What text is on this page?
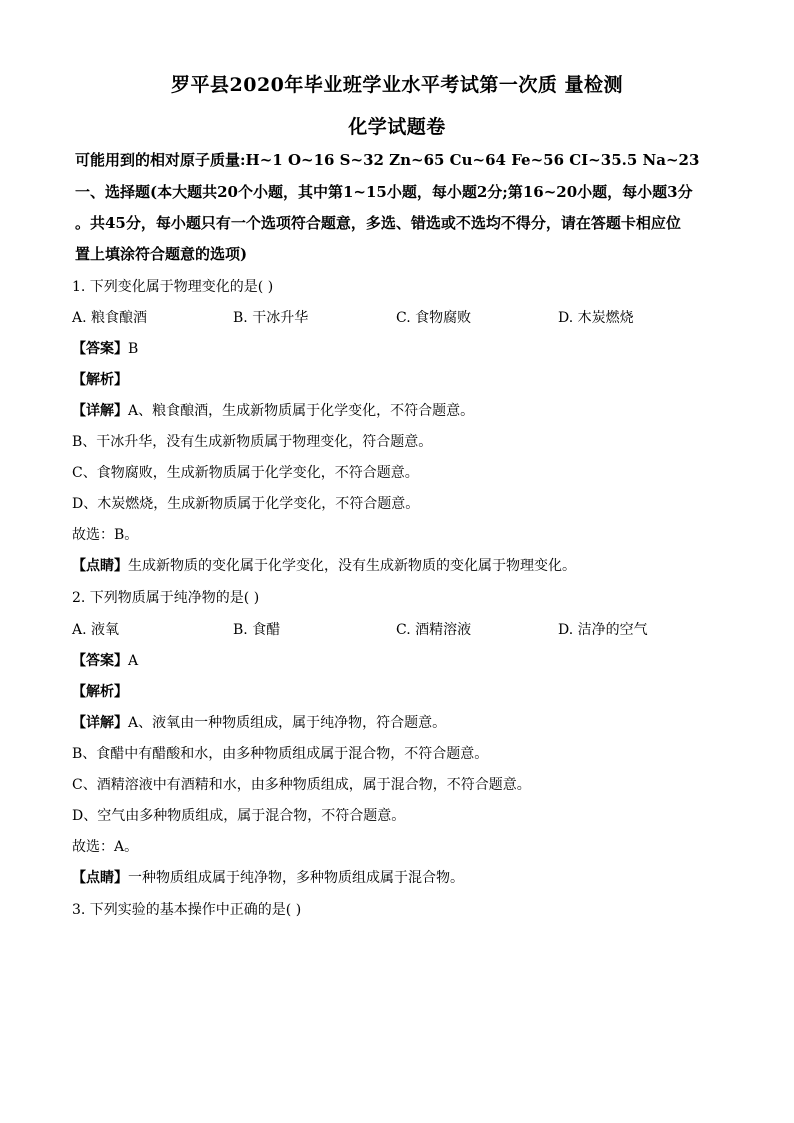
罗平县2020年毕业班学业水平考试第一次质 量检测
化学试题卷
可能用到的相对原子质量:H~1 O~16 S~32 Zn~65 Cu~64 Fe~56 CI~35.5 Na~23
一、选择题(本大题共20个小题，其中第1~15小题，每小题2分;第16~20小题，每小题3分
。共45分，每小题只有一个选项符合题意，多选、错选或不选均不得分，请在答题卡相应位
置上填涂符合题意的选项)
1. 下列变化属于物理变化的是( )
A. 粮食酿酒	B. 干冰升华	C. 食物腐败	D. 木炭燃烧
【答案】B
【解析】
【详解】A、粮食酿酒，生成新物质属于化学变化，不符合题意。
B、干冰升华，没有生成新物质属于物理变化，符合题意。
C、食物腐败，生成新物质属于化学变化，不符合题意。
D、木炭燃烧，生成新物质属于化学变化，不符合题意。
故选：B。
【点睛】生成新物质的变化属于化学变化，没有生成新物质的变化属于物理变化。
2. 下列物质属于纯净物的是( )
A. 液氧	B. 食醋	C. 酒精溶液	D. 洁净的空气
【答案】A
【解析】
【详解】A、液氧由一种物质组成，属于纯净物，符合题意。
B、食醋中有醋酸和水，由多种物质组成属于混合物，不符合题意。
C、酒精溶液中有酒精和水，由多种物质组成，属于混合物，不符合题意。
D、空气由多种物质组成，属于混合物，不符合题意。
故选：A。
【点睛】一种物质组成属于纯净物，多种物质组成属于混合物。
3. 下列实验的基本操作中正确的是( )
